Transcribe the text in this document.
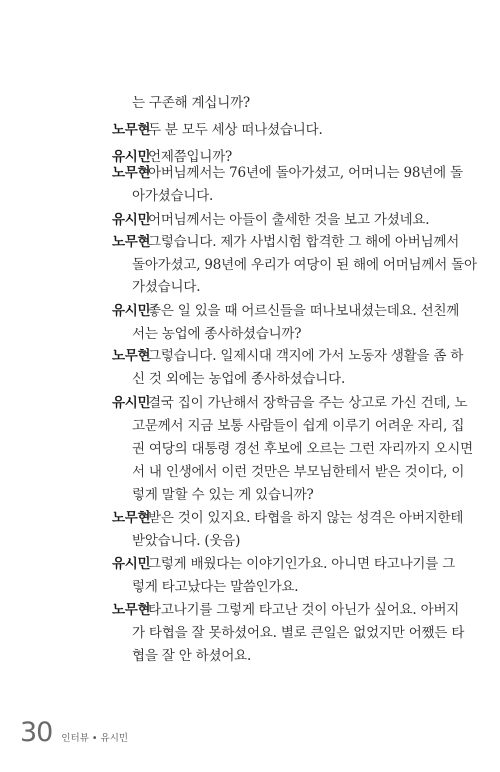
는 구존해 계십니까?
노무현
두 분 모두 세상 떠나셨습니다.
유시민
언제쯤입니까?
노무현
아버님께서는 76년에 돌아가셨고, 어머니는 98년에 돌
아가셨습니다.
유시민
어머님께서는 아들이 출세한 것을 보고 가셨네요.
노무현
그렇습니다. 제가 사법시험 합격한 그 해에 아버님께서
돌아가셨고, 98년에 우리가 여당이 된 해에 어머님께서 돌아
가셨습니다.
유시민
좋은 일 있을 때 어르신들을 떠나보내셨는데요. 선친께
서는 농업에 종사하셨습니까?
노무현
그렇습니다. 일제시대 객지에 가서 노동자 생활을 좀 하
신 것 외에는 농업에 종사하셨습니다.
유시민
결국 집이 가난해서 장학금을 주는 상고로 가신 건데, 노
고문께서 지금 보통 사람들이 쉽게 이루기 어려운 자리, 집
권 여당의 대통령 경선 후보에 오르는 그런 자리까지 오시면
서 내 인생에서 이런 것만은 부모님한테서 받은 것이다, 이
렇게 말할 수 있는 게 있습니까?
노무현
받은 것이 있지요. 타협을 하지 않는 성격은 아버지한테
받았습니다. (웃음)
유시민
그렇게 배웠다는 이야기인가요. 아니면 타고나기를 그
렇게 타고났다는 말씀인가요.
노무현
타고나기를 그렇게 타고난 것이 아닌가 싶어요. 아버지
가 타협을 잘 못하셨어요. 별로 큰일은 없었지만 어쨌든 타
협을 잘 안 하셨어요.
30 인터뷰 • 유시민
